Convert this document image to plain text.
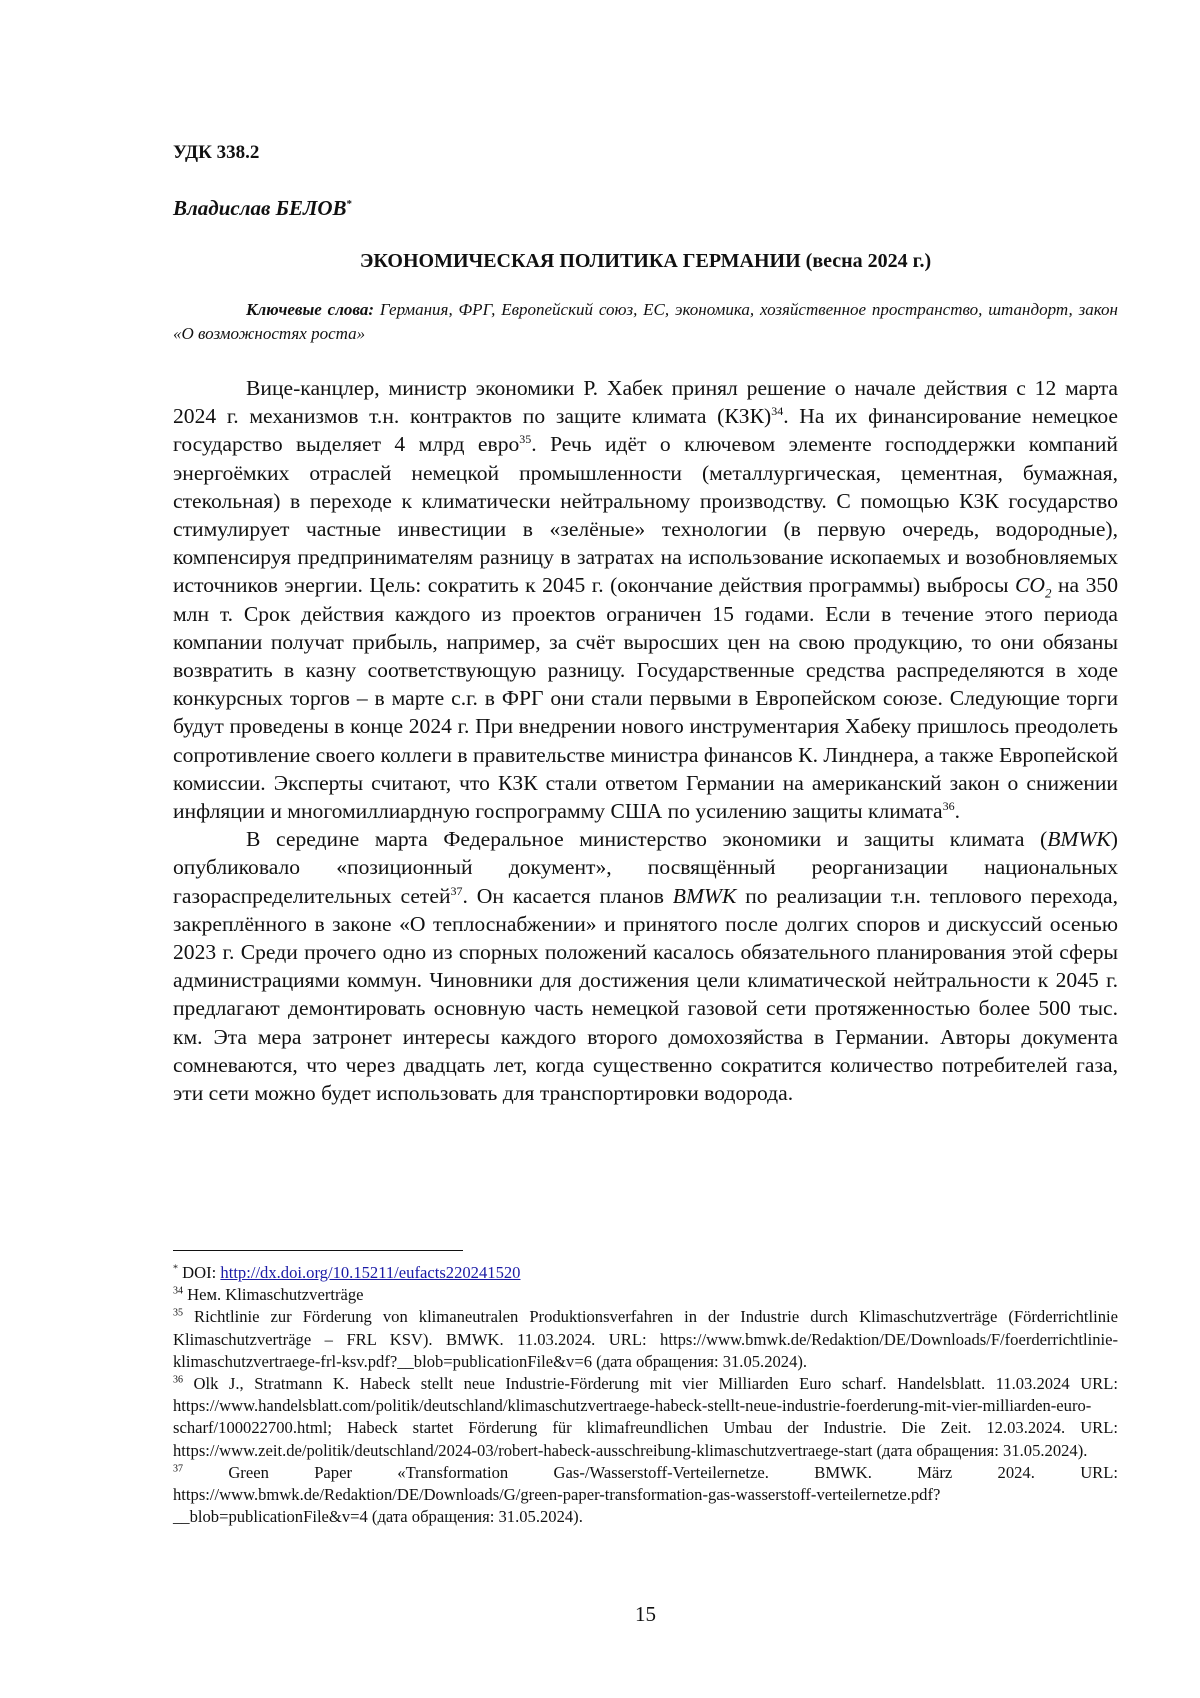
УДК 338.2
Владислав БЕЛОВ*
ЭКОНОМИЧЕСКАЯ ПОЛИТИКА ГЕРМАНИИ (весна 2024 г.)
Ключевые слова: Германия, ФРГ, Европейский союз, ЕС, экономика, хозяйственное пространство, штандорт, закон «О возможностях роста»

Вице-канцлер, министр экономики Р. Хабек принял решение о начале действия с 12 марта 2024 г. механизмов т.н. контрактов по защите климата (КЗК)$^{34}$. На их финансирование немецкое государство выделяет 4 млрд евро$^{35}$. Речь идёт о ключевом элементе господдержки компаний энергоёмких отраслей немецкой промышленности (металлургическая, цементная, бумажная, стекольная) в переходе к климатически нейтральному производству. С помощью КЗК государство стимулирует частные инвестиции в «зелёные» технологии (в первую очередь, водородные), компенсируя предпринимателям разницу в затратах на использование ископаемых и возобновляемых источников энергии. Цель: сократить к 2045 г. (окончание действия программы) выбросы $CO_2$ на 350 млн т. Срок действия каждого из проектов ограничен 15 годами. Если в течение этого периода компании получат прибыль, например, за счёт выросших цен на свою продукцию, то они обязаны возвратить в казну соответствующую разницу. Государственные средства распределяются в ходе конкурсных торгов – в марте с.г. в ФРГ они стали первыми в Европейском союзе. Следующие торги будут проведены в конце 2024 г. При внедрении нового инструментария Хабеку пришлось преодолеть сопротивление своего коллеги в правительстве министра финансов К. Линднера, а также Европейской комиссии. Эксперты считают, что КЗК стали ответом Германии на американский закон о снижении инфляции и многомиллиардную госпрограмму США по усилению защиты климата$^{36}$.

В середине марта Федеральное министерство экономики и защиты климата (BMWK) опубликовало «позиционный документ», посвящённый реорганизации национальных газораспределительных сетей$^{37}$. Он касается планов BMWK по реализации т.н. теплового перехода, закреплённого в законе «О теплоснабжении» и принятого после долгих споров и дискуссий осенью 2023 г. Среди прочего одно из спорных положений касалось обязательного планирования этой сферы администрациями коммун. Чиновники для достижения цели климатической нейтральности к 2045 г. предлагают демонтировать основную часть немецкой газовой сети протяженностью более 500 тыс. км. Эта мера затронет интересы каждого второго домохозяйства в Германии. Авторы документа сомневаются, что через двадцать лет, когда существенно сократится количество потребителей газа, эти сети можно будет использовать для транспортировки водорода.

* DOI: http://dx.doi.org/10.15211/eufacts220241520
$^{34}$ Нем. Klimaschutzverträge
$^{35}$ Richtlinie zur Förderung von klimaneutralen Produktionsverfahren in der Industrie durch Klimaschutzverträge (Förderrichtlinie Klimaschutzverträge – FRL KSV). BMWK. 11.03.2024. URL: https://www.bmwk.de/Redaktion/DE/Downloads/F/foerderrichtlinie-klimaschutzvertraege-frl-ksv.pdf?__blob=publicationFile&v=6 (дата обращения: 31.05.2024).
$^{36}$ Olk J., Stratmann K. Habeck stellt neue Industrie-Förderung mit vier Milliarden Euro scharf. Handelsblatt. 11.03.2024 URL: https://www.handelsblatt.com/politik/deutschland/klimaschutzvertraege-habeck-stellt-neue-industrie-foerderung-mit-vier-milliarden-euro-scharf/100022700.html; Habeck startet Förderung für klimafreundlichen Umbau der Industrie. Die Zeit. 12.03.2024. URL: https://www.zeit.de/politik/deutschland/2024-03/robert-habeck-ausschreibung-klimaschutzvertraege-start (дата обращения: 31.05.2024).
$^{37}$ Green Paper «Transformation Gas-/Wasserstoff-Verteilernetze. BMWK. März 2024. URL: https://www.bmwk.de/Redaktion/DE/Downloads/G/green-paper-transformation-gas-wasserstoff-verteilernetze.pdf?__blob=publicationFile&v=4 (дата обращения: 31.05.2024).
15
